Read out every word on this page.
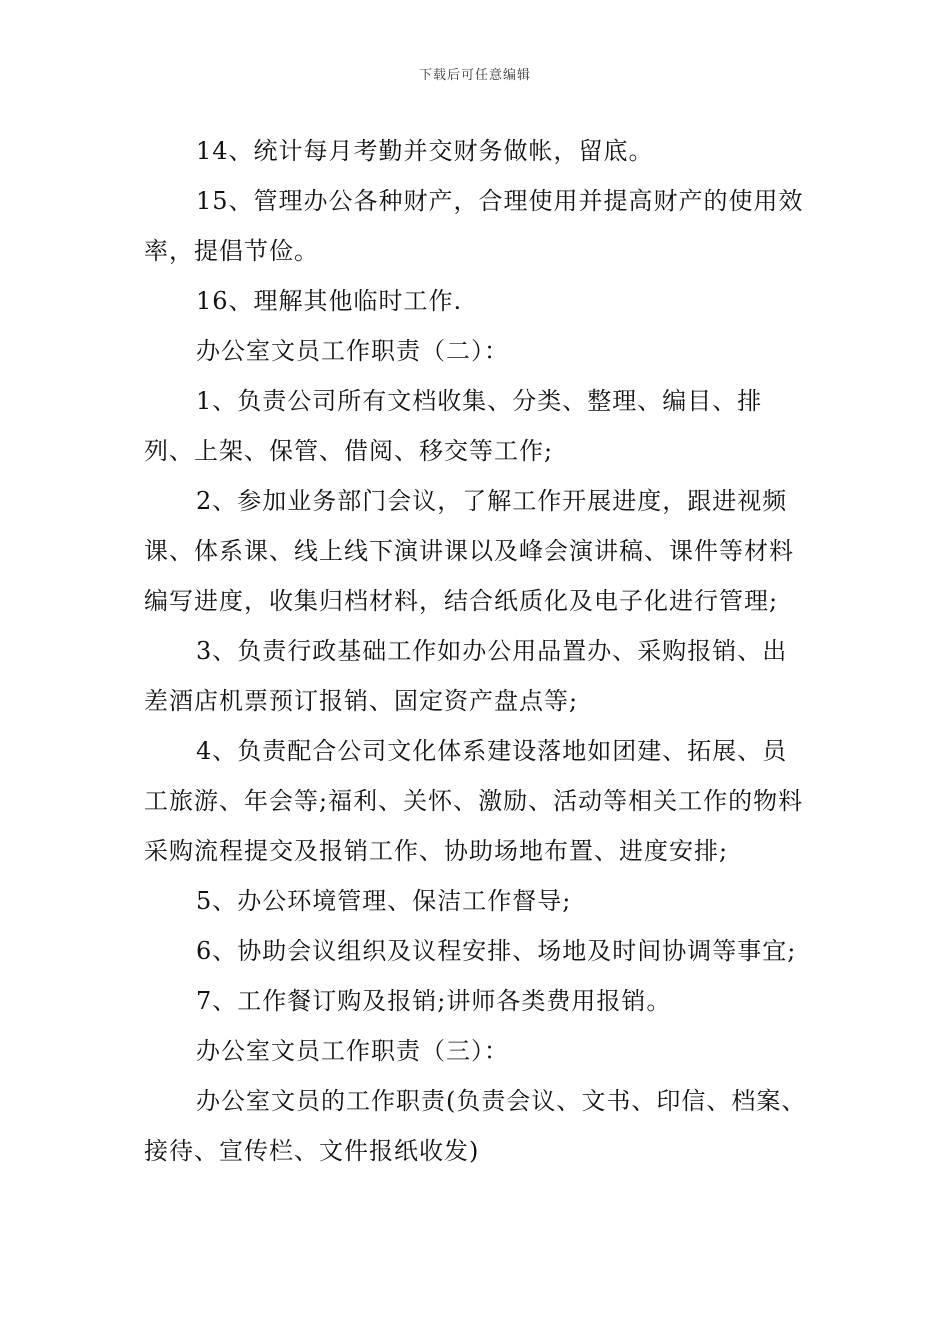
下载后可任意编辑

14、统计每月考勤并交财务做帐，留底。

15、管理办公各种财产，合理使用并提高财产的使用效率，提倡节俭。

16、理解其他临时工作.

办公室文员工作职责（二）：

1、负责公司所有文档收集、分类、整理、编目、排列、上架、保管、借阅、移交等工作;

2、参加业务部门会议，了解工作开展进度，跟进视频课、体系课、线上线下演讲课以及峰会演讲稿、课件等材料编写进度，收集归档材料，结合纸质化及电子化进行管理;

3、负责行政基础工作如办公用品置办、采购报销、出差酒店机票预订报销、固定资产盘点等;

4、负责配合公司文化体系建设落地如团建、拓展、员工旅游、年会等;福利、关怀、激励、活动等相关工作的物料采购流程提交及报销工作、协助场地布置、进度安排;

5、办公环境管理、保洁工作督导;

6、协助会议组织及议程安排、场地及时间协调等事宜;

7、工作餐订购及报销;讲师各类费用报销。

办公室文员工作职责（三）：

办公室文员的工作职责(负责会议、文书、印信、档案、接待、宣传栏、文件报纸收发)
